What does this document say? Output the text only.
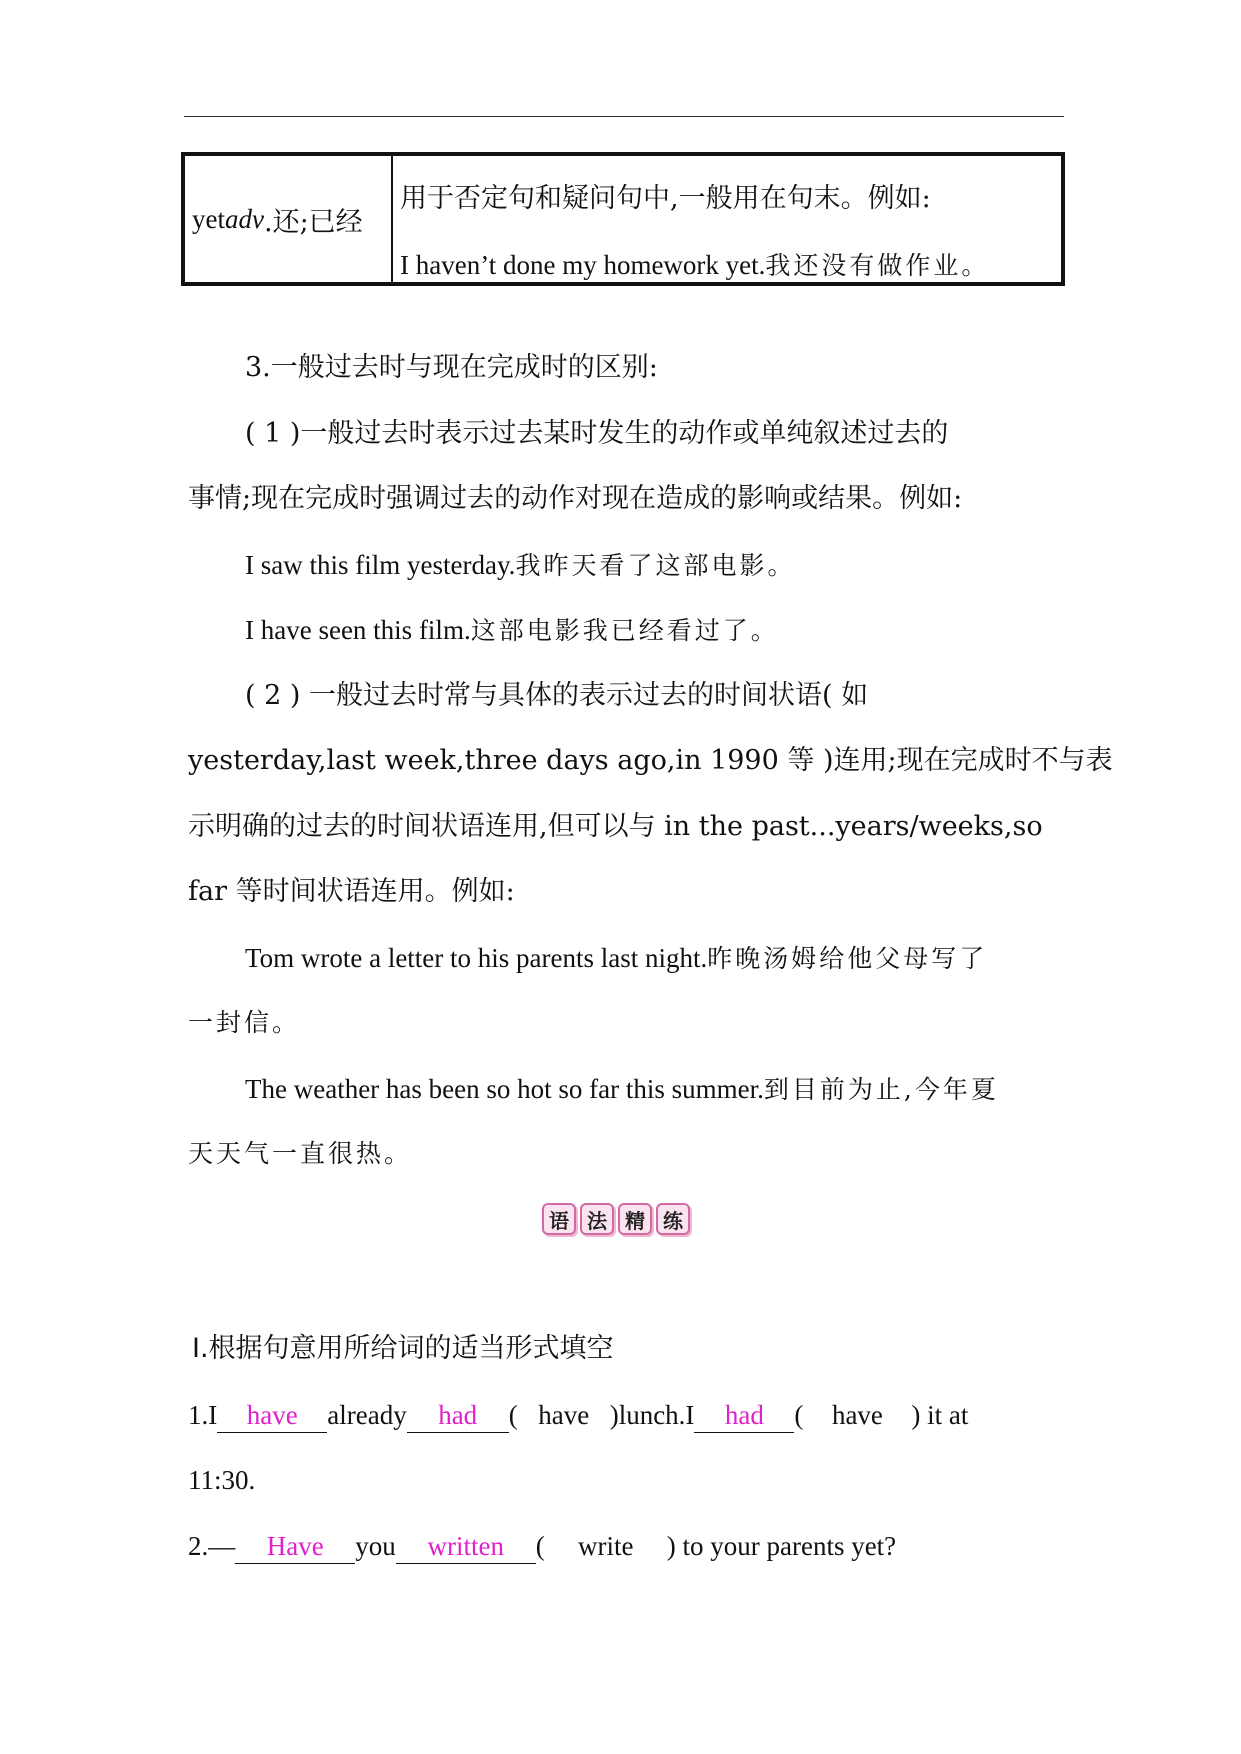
yet adv .还;已经
用于否定句和疑问句中,一般用在句末。例如:
I haven’t done my homework yet.我还没有做作业。
3.一般过去时与现在完成时的区别:
( 1 )一般过去时表示过去某时发生的动作或单纯叙述过去的
事情;现在完成时强调过去的动作对现在造成的影响或结果。例如:
I saw this film yesterday.我昨天看了这部电影。
I have seen this film.这部电影我已经看过了。
( 2 ) 一般过去时常与具体的表示过去的时间状语( 如
yesterday,last week,three days ago,in 1990 等 )连用;现在完成时不与表
示明确的过去的时间状语连用,但可以与 in the past...years/weeks,so
far 等时间状语连用。例如:
Tom wrote a letter to his parents last night.昨晚汤姆给他父母写了
一封信。
The weather has been so hot so far this summer.到目前为止,今年夏
天天气一直很热。
语 法 精 练
Ⅰ.根据句意用所给词的适当形式填空
1.I have already had ( have )lunch.I had ( have ) it at
11:30.
2.— Have you written ( write ) to your parents yet?
